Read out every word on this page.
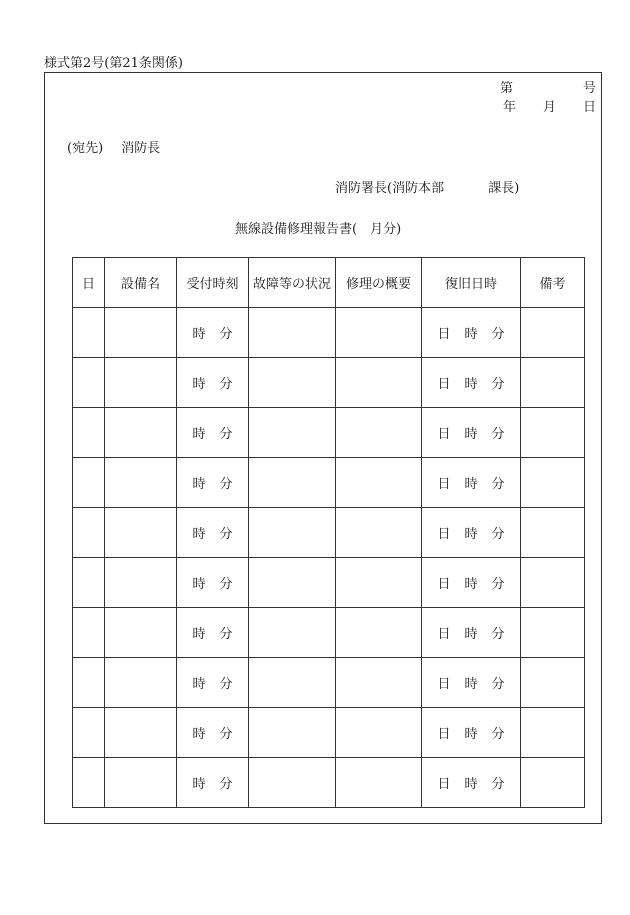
様式第2号(第21条関係)
第	号
年 月 日
(宛先) 消防長
消防署長(消防本部	課長)
無線設備修理報告書(　月分)
日	設備名	受付時刻	故障等の状況	修理の概要	復旧日時	備考
		時 分			日 時 分	
		時 分			日 時 分	
		時 分			日 時 分	
		時 分			日 時 分	
		時 分			日 時 分	
		時 分			日 時 分	
		時 分			日 時 分	
		時 分			日 時 分	
		時 分			日 時 分	
		時 分			日 時 分	
